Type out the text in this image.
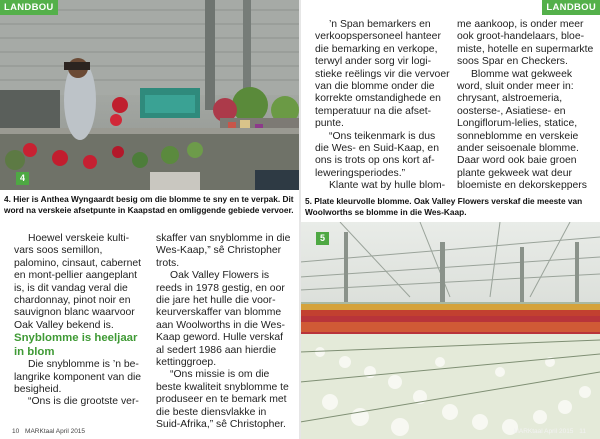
4
LANDBOU
4. Hier is Anthea Wyngaardt besig om die blomme te sny en te verpak. Dit word na verskeie afsetpunte in Kaapstad en omliggende gebiede vervoer.

Hoewel verskeie kulti-vars soos semillon, palomino, cinsaut, cabernet en mont-pellier aangeplant is, is dit vandag veral die chardonnay, pinot noir en sauvignon blanc waarvoor Oak Valley bekend is.

Snyblomme is heeljaar in blom

Die snyblomme is ’n be-langrike komponent van die besigheid.

“Ons is die grootste ver-

skaffer van snyblomme in die Wes-Kaap,” sê Christopher trots.

Oak Valley Flowers is reeds in 1978 gestig, en oor die jare het hulle die voor-keurverskaffer van blomme aan Woolworths in die Wes-Kaap geword. Hulle verskaf al sedert 1986 aan hierdie kettinggroep.

“Ons missie is om die beste kwaliteit snyblomme te produseer en te bemark met die beste diensvlakke in Suid-Afrika,” sê Christopher.

10 MARKtaal April 2015
LANDBOU

’n Span bemarkers en verkoopspersoneel hanteer die bemarking en verkope, terwyl ander sorg vir logi-stieke reëlings vir die vervoer van die blomme onder die korrekte omstandighede en temperatuur na die afset-punte.

“Ons teikenmark is dus die Wes- en Suid-Kaap, en ons is trots op ons kort af-leweringsperiodes.”

Klante wat by hulle blom-

me aankoop, is onder meer ook groot-handelaars, bloe-miste, hotelle en supermarkte soos Spar en Checkers.

Blomme wat gekweek word, sluit onder meer in: chrysant, alstroemeria, oosterse-, Asiatiese- en Longiflorum-lelies, statice, sonneblomme en verskeie ander seisoenale blomme. Daar word ook baie groen plante gekweek wat deur bloemiste en dekorskeppers

5. Plate kleurvolle blomme. Oak Valley Flowers verskaf die meeste van Woolworths se blomme in die Wes-Kaap.
5
MARKtaal April 2015 11
